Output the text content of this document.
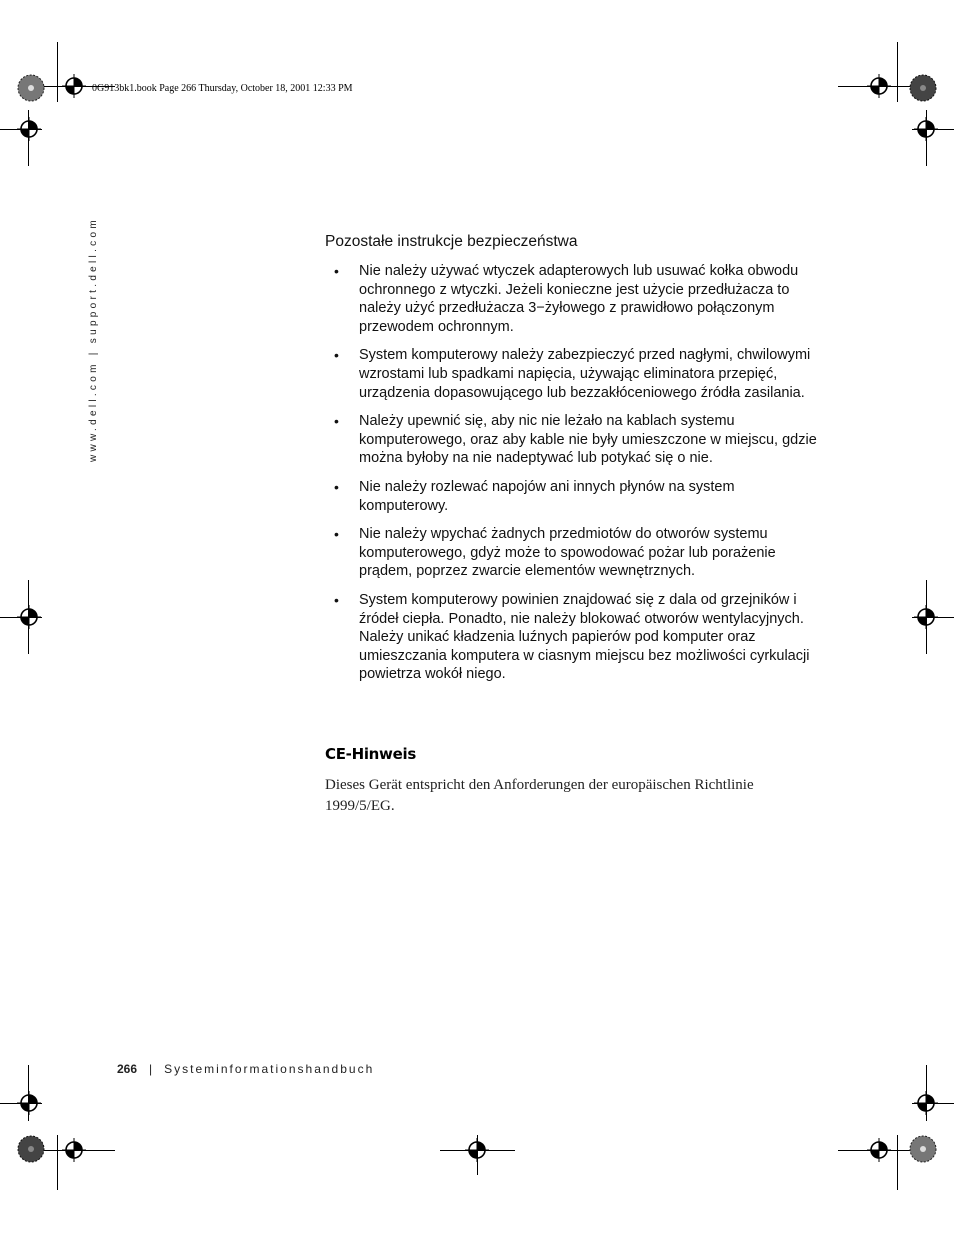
0G913bk1.book Page 266 Thursday, October 18, 2001 12:33 PM
www.dell.com | support.dell.com	Pozostałe instrukcje bezpieczeństwa
• Nie należy używać wtyczek adapterowych lub usuwać kołka obwodu ochronnego z wtyczki. Jeżeli konieczne jest użycie przedłużacza to należy użyć przedłużacza 3−żyłowego z prawidłowo połączonym przewodem ochronnym.
• System komputerowy należy zabezpieczyć przed nagłymi, chwilowymi wzrostami lub spadkami napięcia, używając eliminatora przepięć, urządzenia dopasowującego lub bezzakłóceniowego źródła zasilania.
• Należy upewnić się, aby nic nie leżało na kablach systemu komputerowego, oraz aby kable nie były umieszczone w miejscu, gdzie można byłoby na nie nadeptywać lub potykać się o nie.
• Nie należy rozlewać napojów ani innych płynów na system komputerowy.
• Nie należy wpychać żadnych przedmiotów do otworów systemu komputerowego, gdyż może to spowodować pożar lub porażenie prądem, poprzez zwarcie elementów wewnętrznych.
• System komputerowy powinien znajdować się z dala od grzejników i źródeł ciepła. Ponadto, nie należy blokować otworów wentylacyjnych. Należy unikać kładzenia luźnych papierów pod komputer oraz umieszczania komputera w ciasnym miejscu bez możliwości cyrkulacji powietrza wokół niego.
CE-Hinweis
Dieses Gerät entspricht den Anforderungen der europäischen Richtlinie 1999/5/EG.
266 | Systeminformationshandbuch
